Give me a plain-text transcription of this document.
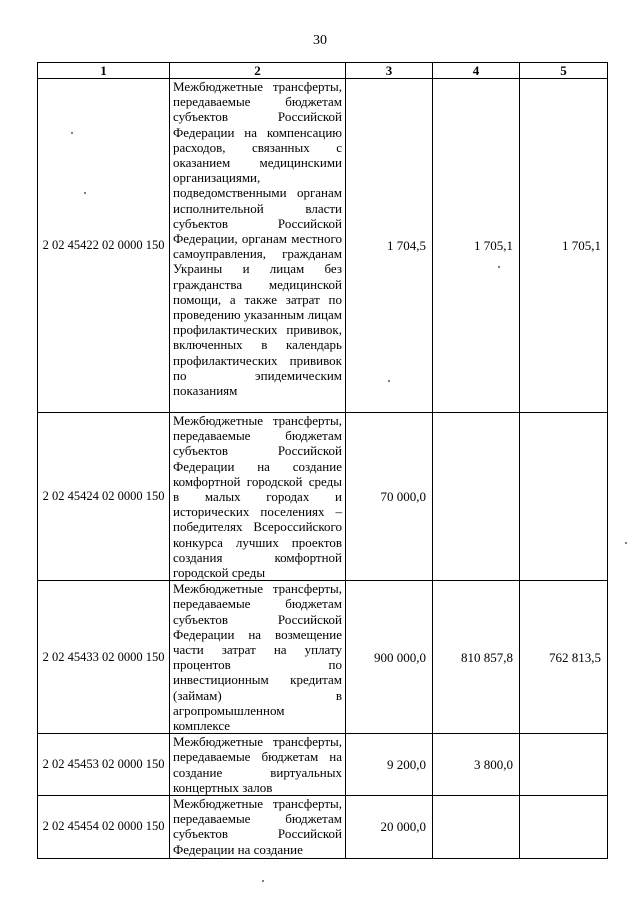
30
1	2	3	4	5
2 02 45422 02 0000 150	Межбюджетные трансферты, передаваемые бюджетам субъектов Российской Федерации на компенсацию расходов, связанных с оказанием медицинскими организациями, подведомственными органам исполнительной власти субъектов Российской Федерации, органам местного самоуправления, гражданам Украины и лицам без гражданства медицинской помощи, а также затрат по проведению указанным лицам профилактических прививок, включенных в календарь профилактических прививок по эпидемическим показаниям	1 704,5	1 705,1	1 705,1
2 02 45424 02 0000 150	Межбюджетные трансферты, передаваемые бюджетам субъектов Российской Федерации на создание комфортной городской среды в малых городах и исторических поселениях – победителях Всероссийского конкурса лучших проектов создания комфортной городской среды	70 000,0		
2 02 45433 02 0000 150	Межбюджетные трансферты, передаваемые бюджетам субъектов Российской Федерации на возмещение части затрат на уплату процентов по инвестиционным кредитам (займам) в агропромышленном комплексе	900 000,0	810 857,8	762 813,5
2 02 45453 02 0000 150	Межбюджетные трансферты, передаваемые бюджетам на создание виртуальных концертных залов	9 200,0	3 800,0	
2 02 45454 02 0000 150	Межбюджетные трансферты, передаваемые бюджетам субъектов Российской Федерации на создание	20 000,0		
